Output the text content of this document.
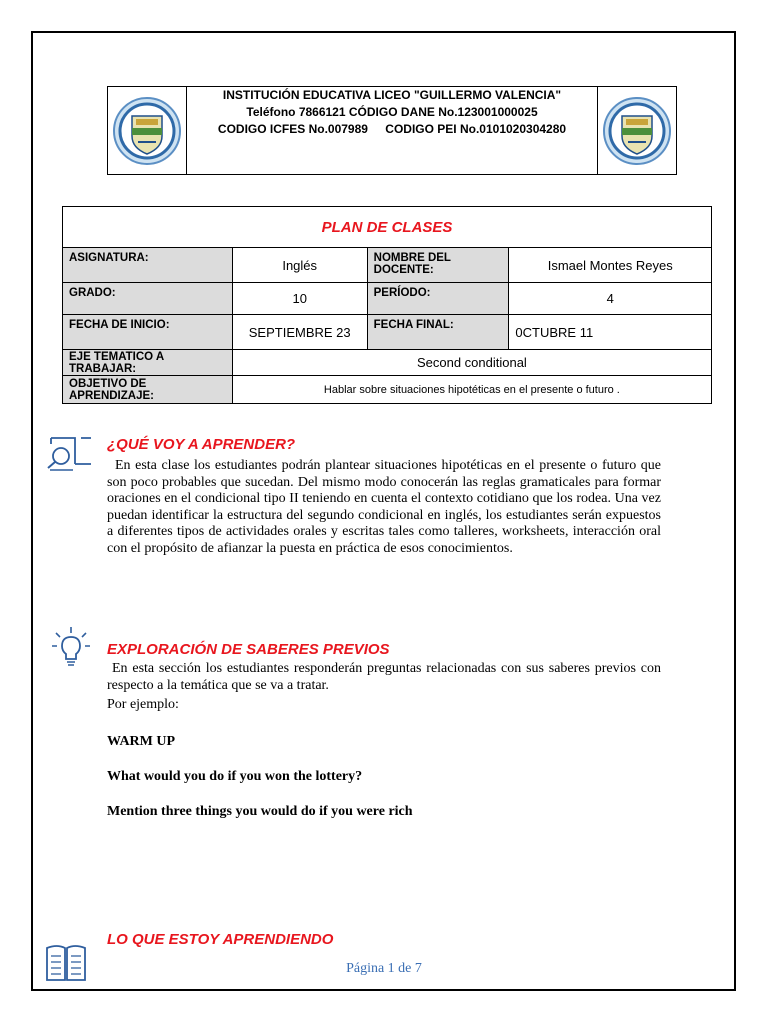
INSTITUCIÓN EDUCATIVA LICEO "GUILLERMO VALENCIA"
Teléfono 7866121 CÓDIGO DANE No.123001000025
CODIGO ICFES No.007989 CODIGO PEI No.0101020304280
PLAN DE CLASES			
ASIGNATURA:	Inglés	NOMBRE DEL DOCENTE:	Ismael Montes Reyes
GRADO:	10	PERÍODO:	4
FECHA DE INICIO:	SEPTIEMBRE 23	FECHA FINAL:	0CTUBRE 11
EJE TEMATICO A TRABAJAR:	Second conditional		
OBJETIVO DE APRENDIZAJE:	Hablar sobre situaciones hipotéticas en el presente o futuro .		
¿QUÉ VOY A APRENDER?
En esta clase los estudiantes podrán plantear situaciones hipotéticas en el presente o futuro que son poco probables que sucedan. Del mismo modo conocerán las reglas gramaticales para formar oraciones en el condicional tipo II teniendo en cuenta el contexto cotidiano que los rodea. Una vez puedan identificar la estructura del segundo condicional en inglés, los estudiantes serán expuestos a diferentes tipos de actividades orales y escritas tales como talleres, worksheets, interacción oral con el propósito de afianzar la puesta en práctica de esos conocimientos.
EXPLORACIÓN DE SABERES PREVIOS
En esta sección los estudiantes responderán preguntas relacionadas con sus saberes previos con respecto a la temática que se va a tratar.
Por ejemplo:
WARM UP
What would you do if you won the lottery?
Mention three things you would do if you were rich
LO QUE ESTOY APRENDIENDO
Página 1 de 7
